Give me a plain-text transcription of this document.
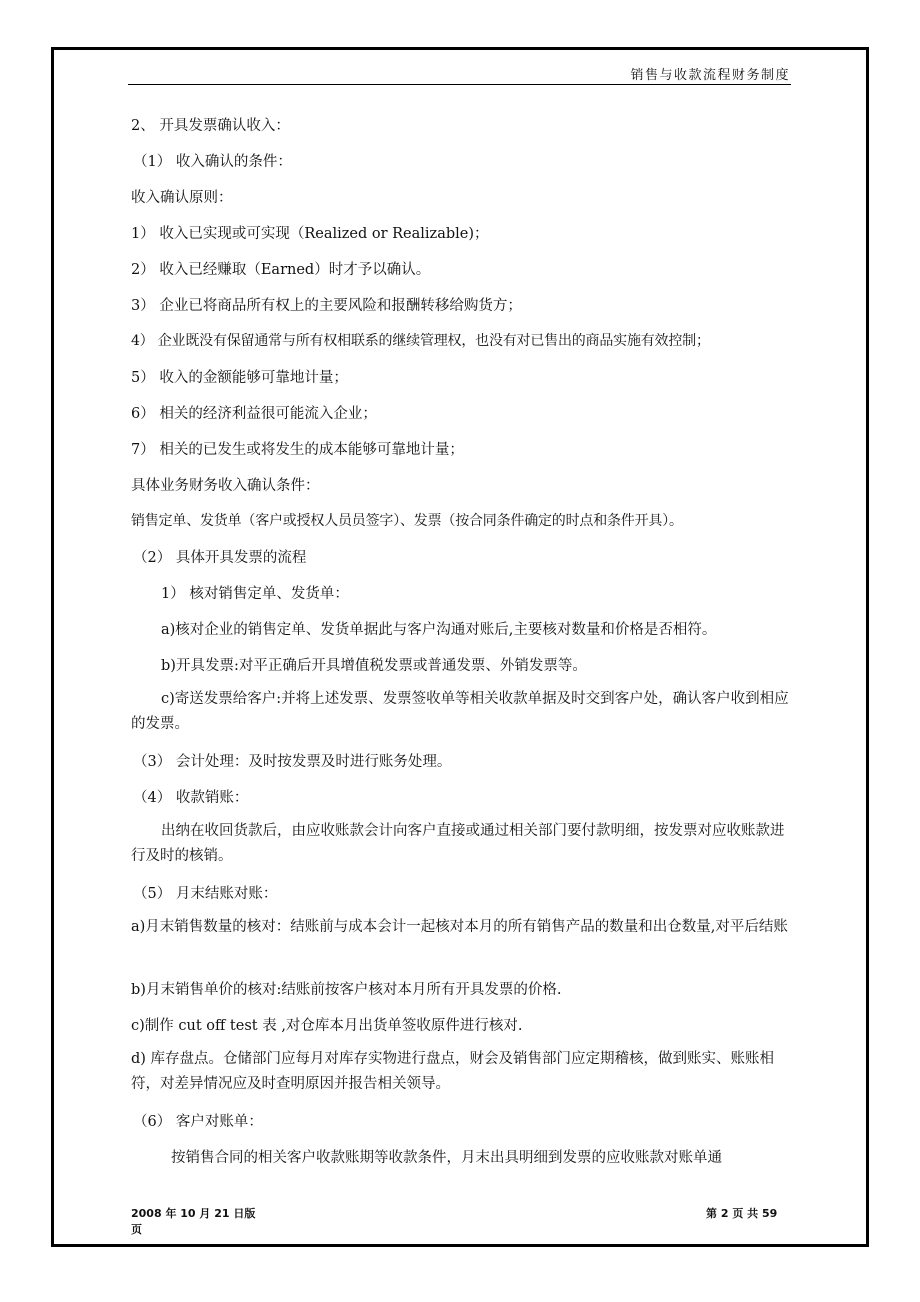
销售与收款流程财务制度
2、 开具发票确认收入：
（1） 收入确认的条件：
收入确认原则：
1） 收入已实现或可实现（Realized or Realizable)；
2） 收入已经赚取（Earned）时才予以确认。
3） 企业已将商品所有权上的主要风险和报酬转移给购货方；
4） 企业既没有保留通常与所有权相联系的继续管理权，也没有对已售出的商品实施有效控制；
5） 收入的金额能够可靠地计量；
6） 相关的经济利益很可能流入企业；
7） 相关的已发生或将发生的成本能够可靠地计量；
具体业务财务收入确认条件：
销售定单、发货单（客户或授权人员员签字）、发票（按合同条件确定的时点和条件开具）。
（2） 具体开具发票的流程
1） 核对销售定单、发货单：
a)核对企业的销售定单、发货单据此与客户沟通对账后,主要核对数量和价格是否相符。
b)开具发票:对平正确后开具增值税发票或普通发票、外销发票等。
c)寄送发票给客户:并将上述发票、发票签收单等相关收款单据及时交到客户处，确认客户收到相应的发票。
（3） 会计处理：及时按发票及时进行账务处理。
（4） 收款销账：
出纳在收回货款后，由应收账款会计向客户直接或通过相关部门要付款明细，按发票对应收账款进行及时的核销。
（5） 月末结账对账：
a)月末销售数量的核对：结账前与成本会计一起核对本月的所有销售产品的数量和出仓数量,对平后结账
b)月末销售单价的核对:结账前按客户核对本月所有开具发票的价格.
c)制作 cut off test 表 ,对仓库本月出货单签收原件进行核对.
d) 库存盘点。仓储部门应每月对库存实物进行盘点，财会及销售部门应定期稽核，做到账实、账账相符，对差异情况应及时查明原因并报告相关领导。
（6） 客户对账单：
按销售合同的相关客户收款账期等收款条件，月末出具明细到发票的应收账款对账单通
2008 年 10 月 21 日版
页
第 2 页 共 59
